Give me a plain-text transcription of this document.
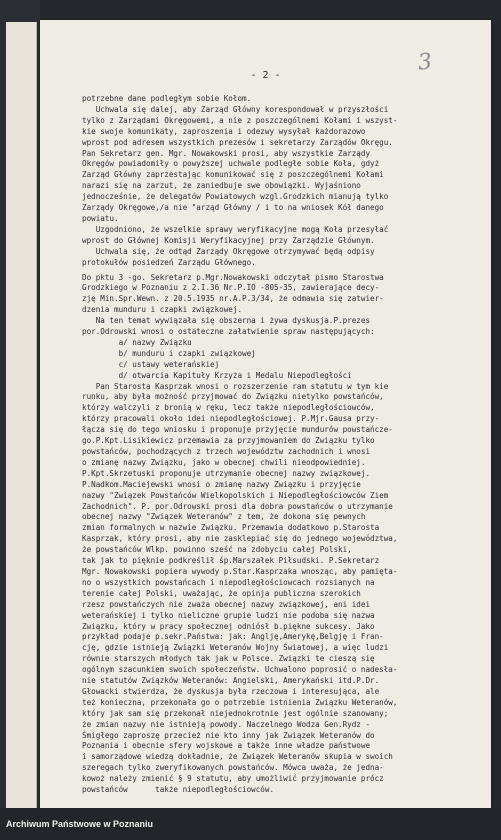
3
- 2 -
potrzebne dane podległym sobie Kołom.
Uchwala się dalej, aby Zarząd Główny korespondował w przyszłości
tylko z Zarządami Okręgowemi, a nie z poszczególnemi Kołami i wszyst-
kie swoje komunikaty, zaproszenia i odezwy wysyłał każdorazowo
wprost pod adresem wszystkich prezesów i sekretarzy Zarządów Okręgu.
Pan Sekretarz gen. Mgr. Nowakowski prosi, aby wszystkie Zarządy
Okręgów powiadomiły o powyższej uchwale podległe sobie Koła, gdyż
Zarząd Główny zaprzestając komunikować się z poszczególnemi Kołami
narazi się na zarzut, że zaniedbuje swe obowiązki. Wyjaśniono
jednocześnie, że delegatów Powiatowych wzgl.Grodzkich mianują tylko
Zarządy Okręgowe,/a nie "arząd Główny / i to na wniosek Kół danego
powiatu.
Uzgodniono, że wszelkie sprawy weryfikacyjne mogą Koła przesyłać
wprost do Głównej Komisji Weryfikacyjnej przy Zarządzie Głównym.
Uchwala się, że odtąd Zarządy Okręgowe otrzymywać będą odpisy
protokułów posiedzeń Zarządu Głównego.
Do pktu 3 -go. Sekretarz p.Mgr.Nowakowski odczytał pismo Starostwa
Grodzkiego w Poznaniu z 2.I.36 Nr.P.IO -805-35, zawierające decy-
zję Min.Spr.Wewn. z 20.5.1935 nr.A.P.3/34, że odmawia się zatwier-
dzenia munduru i czapki związkowej.
Na ten temat wywiązała się obszerna i żywa dyskusja.P.prezes
por.Odrowski wnosi o ostateczne załatwienie spraw następujących:
a/ nazwy Związku
b/ munduru i czapki związkowej
c/ ustawy weterańskiej
d/ otwarcia Kapituły Krzyża i Medalu Niepodległości
Pan Starosta Kasprzak wnosi o rozszerzenie ram statutu w tym kie
runku, aby była możność przyjmować do Związku nietylko powstańców,
którzy walczyli z bronią w ręku, lecz także niepodległościowców,
którzy pracowali około idei niepodległościowej. P.Mjr.Gausa przy-
łącza się do tego wniosku i proponuje przyjęcie mundurów powstańcze-
go.P.Kpt.Lisikiewicz przemawia za przyjmowaniem do Związku tylko
powstańców, pochodzących z trzech województw zachodnich i wnosi
o zmianę nazwy Związku, jako w obecnej chwili nieodpowiedniej.
P.Kpt.Skrzetuski proponuje utrzymanie obecnej nazwy związkowej.
P.Nadkom.Maciejewski wnosi o zmianę nazwy Związku i przyjęcie
nazwy "Związek Powstańców Wielkopolskich i Niepodległościowców Ziem
Zachodnich". P. por.Odrowski prosi dla dobra powstańców o utrzymanie
obecnej nazwy "Związek Weteranów" z tem, że dokona się pewnych
zmian formalnych w nazwie Związku. Przemawia dodatkowo p.Starosta
Kasprzak, który prosi, aby nie zasklepiać się do jednego województwa,
że powstańców Wlkp. powinno sześć na zdobyciu całej Polski,
tak jak to pięknie podkreślił śp.Marszałek Piłsudski. P.Sekretarz
Mgr. Nowakowski popiera wywody p.Star.Kasprzaka wnosząc, aby pamięta-
no o wszystkich powstańcach i niepodległościowcach rozsianych na
terenie całej Polski, uważając, że opinja publiczna szerokich
rzesz powstańczych nie zważa obecnej nazwy związkowej, ani idei
weterańskiej i tylko nieliczne grupie ludzi nie podoba się nazwa
Związku, który w pracy społecznej odniósł b.piękne sukcesy. Jako
przykład podaje p.sekr.Państwa: jak: Anglję,Amerykę,Belgję i Fran-
cję, gdzie istnieją Związki Weteranów Wojny Światowej, a więc ludzi
równie starszych młodych tak jak w Polsce. Związki te cieszą się
ogólnym szacunkiem swoich społeczeństw. Uchwalono poprosić o nadesła-
nie statutów Związków Weteranów: Angielski, Amerykański itd.P.Dr.
Głowacki stwierdza, że dyskusja była rzeczowa i interesująca, ale
też konieczna, przekonała go o potrzebie istnienia Związku Weteranów,
który jak sam się przekonał niejednokrotnie jest ogólnie szanowany;
że zmian nazwy nie istnieją powody. Naczelnego Wodza Gen.Rydz -
Śmigłego zaproszę przecież nie kto inny jak Związek Weteranów do
Poznania i obecnie sfery wojskowe a także inne władze państwowe
i samorządowe wiedzą dokładnie, że Związek Weteranów skupia w swoich
szeregach tylko zweryfikowanych powstańców. Mówca uważa, że jedna-
kowoż należy zmienić § 9 statutu, aby umożliwić przyjmowanie prócz
powstańców      także niepodległościowców.
Archiwum Państwowe w Poznaniu
